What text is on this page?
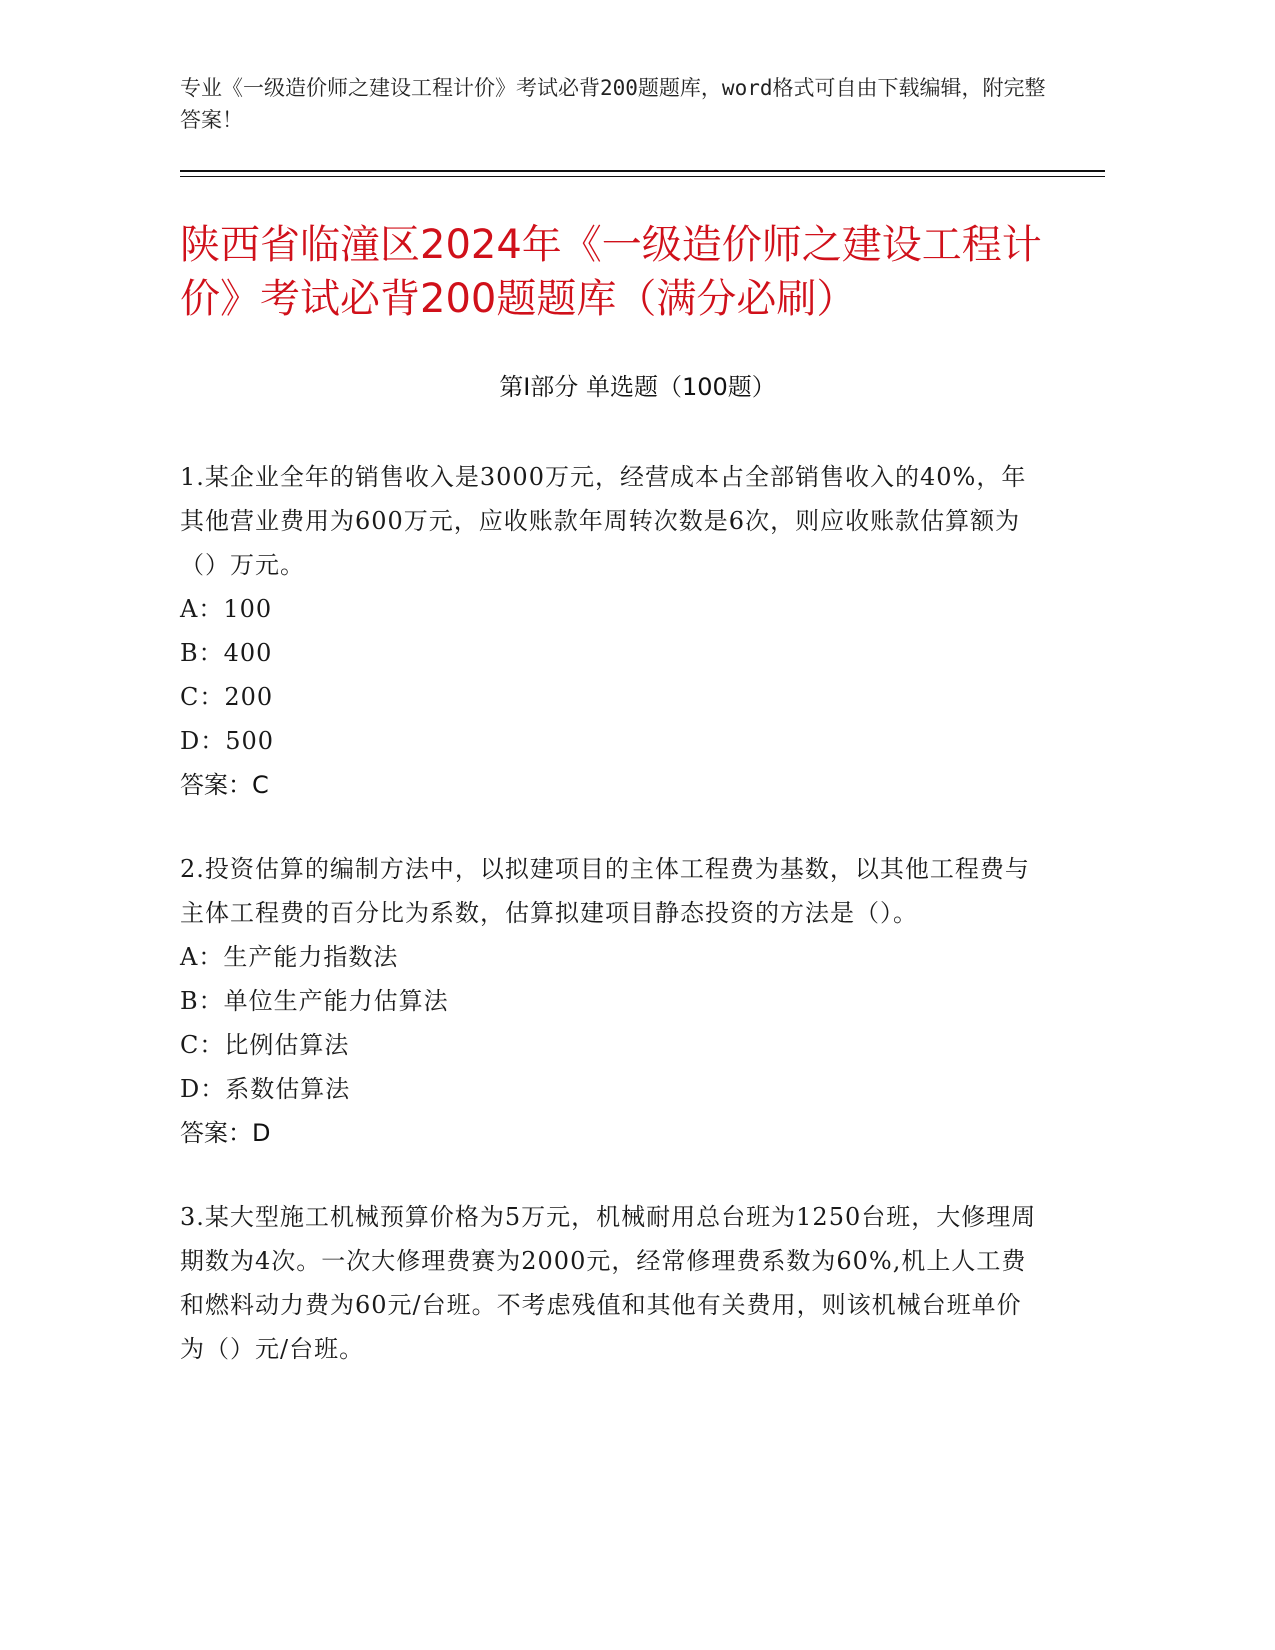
专业《一级造价师之建设工程计价》考试必背200题题库，word格式可自由下载编辑，附完整答案！
陕西省临潼区2024年《一级造价师之建设工程计价》考试必背200题题库（满分必刷）
第Ⅰ部分 单选题（100题）
1.某企业全年的销售收入是3000万元，经营成本占全部销售收入的40%，年其他营业费用为600万元，应收账款年周转次数是6次，则应收账款估算额为（）万元。
A：100
B：400
C：200
D：500
答案：C
2.投资估算的编制方法中，以拟建项目的主体工程费为基数，以其他工程费与主体工程费的百分比为系数，估算拟建项目静态投资的方法是（）。
A：生产能力指数法
B：单位生产能力估算法
C：比例估算法
D：系数估算法
答案：D
3.某大型施工机械预算价格为5万元，机械耐用总台班为1250台班，大修理周期数为4次。一次大修理费赛为2000元，经常修理费系数为60%,机上人工费和燃料动力费为60元/台班。不考虑残值和其他有关费用，则该机械台班单价为（）元/台班。
